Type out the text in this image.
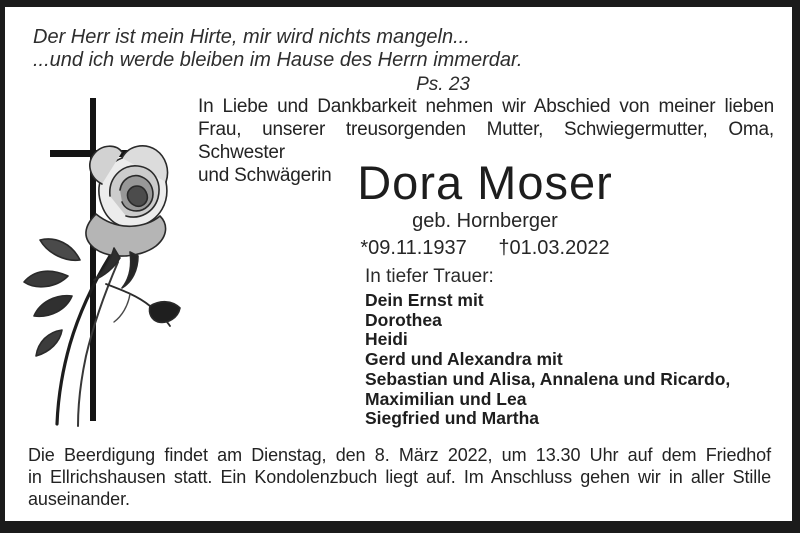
Der Herr ist mein Hirte, mir wird nichts mangeln...
...und ich werde bleiben im Hause des Herrn immerdar.
Ps. 23
In Liebe und Dankbarkeit nehmen wir Abschied von meiner lieben
Frau, unserer treusorgenden Mutter, Schwiegermutter, Oma, Schwester
und Schwägerin Dora Moser
geb. Hornberger
*09.11.1937 †01.03.2022
In tiefer Trauer:
Dein Ernst mit
Dorothea
Heidi
Gerd und Alexandra mit
Sebastian und Alisa, Annalena und Ricardo,
Maximilian und Lea
Siegfried und Martha
Die Beerdigung findet am Dienstag, den 8. März 2022, um 13.30 Uhr auf dem Friedhof
in Ellrichshausen statt. Ein Kondolenzbuch liegt auf. Im Anschluss gehen wir in aller Stille
auseinander.
